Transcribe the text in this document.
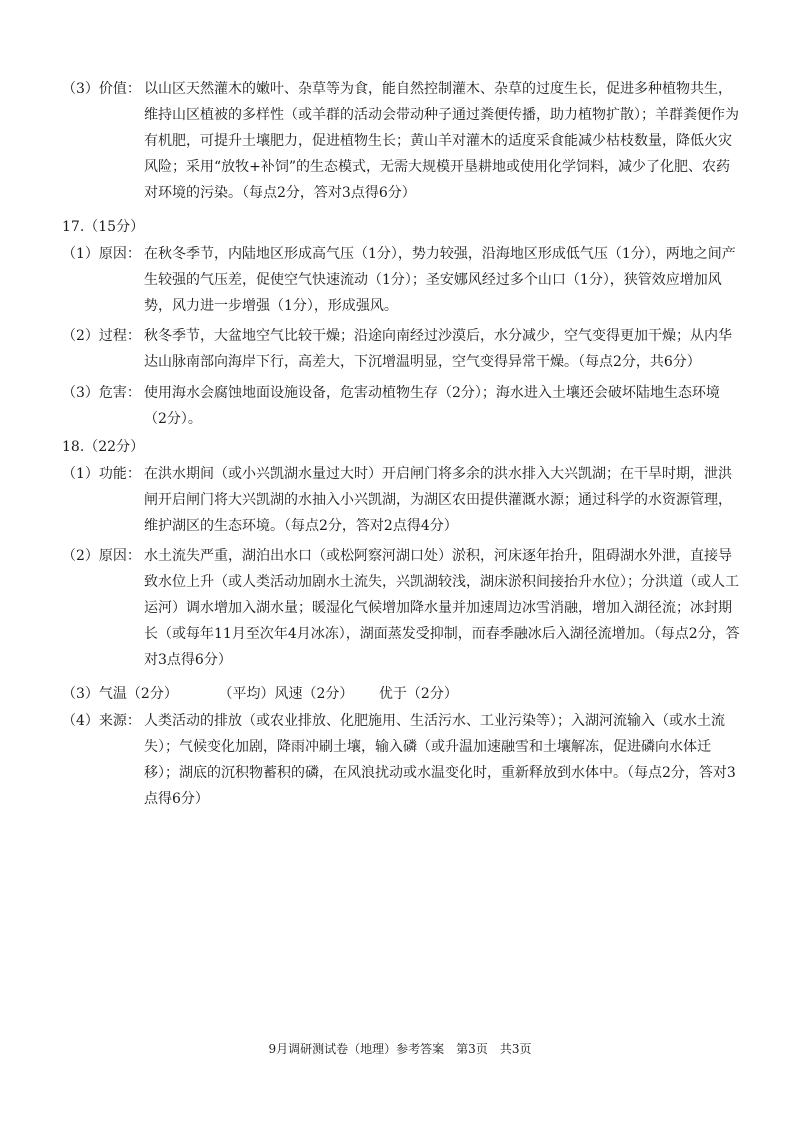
（3）价值： 以山区天然灌木的嫩叶、杂草等为食，能自然控制灌木、杂草的过度生长，促进多种植物共生，维持山区植被的多样性（或羊群的活动会带动种子通过粪便传播，助力植物扩散）；羊群粪便作为有机肥，可提升土壤肥力，促进植物生长；黄山羊对灌木的适度采食能减少枯枝数量，降低火灾风险；采用“放牧+补饲”的生态模式，无需大规模开垦耕地或使用化学饲料，减少了化肥、农药对环境的污染。（每点2分，答对3点得6分）
17.（15分）
（1）原因： 在秋冬季节，内陆地区形成高气压（1分），势力较强，沿海地区形成低气压（1分），两地之间产生较强的气压差，促使空气快速流动（1分）；圣安娜风经过多个山口（1分），狭管效应增加风势，风力进一步增强（1分），形成强风。
（2）过程： 秋冬季节，大盆地空气比较干燥；沿途向南经过沙漠后，水分减少，空气变得更加干燥；从内华达山脉南部向海岸下行，高差大，下沉增温明显，空气变得异常干燥。（每点2分，共6分）
（3）危害： 使用海水会腐蚀地面设施设备，危害动植物生存（2分）；海水进入土壤还会破坏陆地生态环境（2分）。
18.（22分）
（1）功能： 在洪水期间（或小兴凯湖水量过大时）开启闸门将多余的洪水排入大兴凯湖；在干旱时期，泄洪闸开启闸门将大兴凯湖的水抽入小兴凯湖，为湖区农田提供灌溉水源；通过科学的水资源管理，维护湖区的生态环境。（每点2分，答对2点得4分）
（2）原因： 水土流失严重，湖泊出水口（或松阿察河湖口处）淤积，河床逐年抬升，阻碍湖水外泄，直接导致水位上升（或人类活动加剧水土流失，兴凯湖较浅，湖床淤积间接抬升水位）；分洪道（或人工运河）调水增加入湖水量；暖湿化气候增加降水量并加速周边冰雪消融，增加入湖径流；冰封期长（或每年11月至次年4月冰冻），湖面蒸发受抑制，而春季融冰后入湖径流增加。（每点2分，答对3点得6分）
（3）气温（2分）	（平均）风速（2分） 优于（2分）
（4）来源： 人类活动的排放（或农业排放、化肥施用、生活污水、工业污染等）；入湖河流输入（或水土流失）；气候变化加剧，降雨冲刷土壤，输入磷（或升温加速融雪和土壤解冻，促进磷向水体迁移）；湖底的沉积物蓄积的磷，在风浪扰动或水温变化时，重新释放到水体中。（每点2分，答对3点得6分）
9月调研测试卷（地理）参考答案　第3页　共3页
